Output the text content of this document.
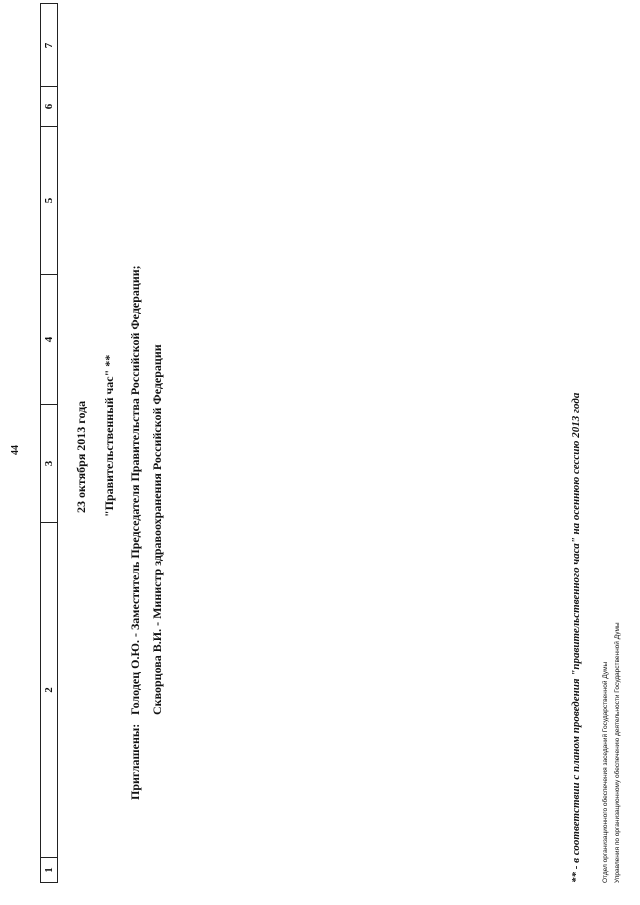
44
1
2
3
4
5
6
7
23 октября 2013 года "Правительственный час" **
Приглашены:
Голодец О.Ю. - Заместитель Председателя Правительства Российской Федерации; Скворцова В.И. - Министр здравоохранения Российской Федерации	** - в соответствии с планом проведения "правительственного часа" на осеннюю сессию 2013 года	Отдел организационного обеспечения заседаний Государственной Думы Управления по организационному обеспечению деятельности Государственной Думы
